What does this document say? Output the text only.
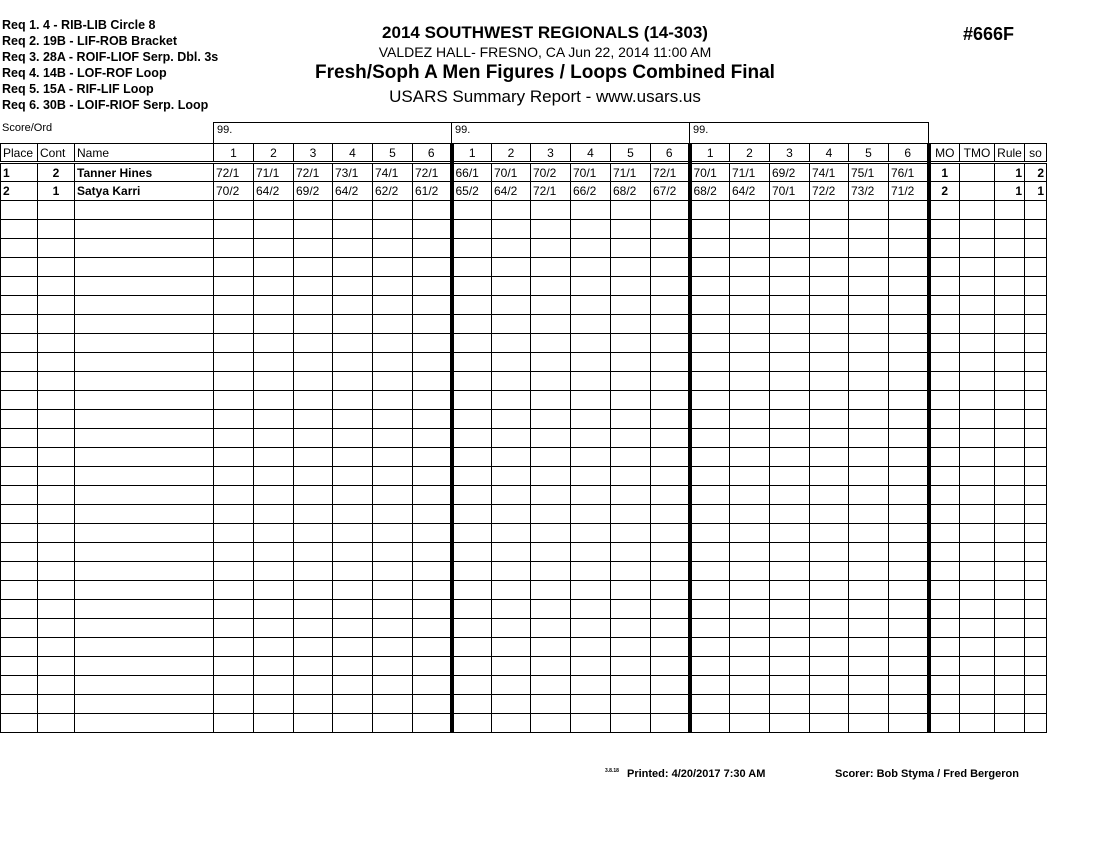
Req 1. 4 - RIB-LIB Circle 8
Req 2. 19B - LIF-ROB Bracket
Req 3. 28A - ROIF-LIOF Serp. Dbl. 3s
Req 4. 14B - LOF-ROF Loop
Req 5. 15A - RIF-LIF Loop
Req 6. 30B - LOIF-RIOF Serp. Loop
2014 SOUTHWEST REGIONALS (14-303)
VALDEZ HALL- FRESNO, CA Jun 22, 2014 11:00 AM
Fresh/Soph A Men Figures / Loops Combined Final
USARS Summary Report - www.usars.us
#666F
Score/Ord	99.	99.	99.
Place	Cont	Name	1	2	3	4	5	6	1	2	3	4	5	6	1	2	3	4	5	6	MO	TMO	Rule	so
1	2	Tanner Hines	72/1	71/1	72/1	73/1	74/1	72/1	66/1	70/1	70/2	70/1	71/1	72/1	70/1	71/1	69/2	74/1	75/1	76/1	1		1	2
2	1	Satya Karri	70/2	64/2	69/2	64/2	62/2	61/2	65/2	64/2	72/1	66/2	68/2	67/2	68/2	64/2	70/1	72/2	73/2	71/2	2		1	1

3.8.18 Printed: 4/20/2017 7:30 AM	Scorer: Bob Styma / Fred Bergeron
